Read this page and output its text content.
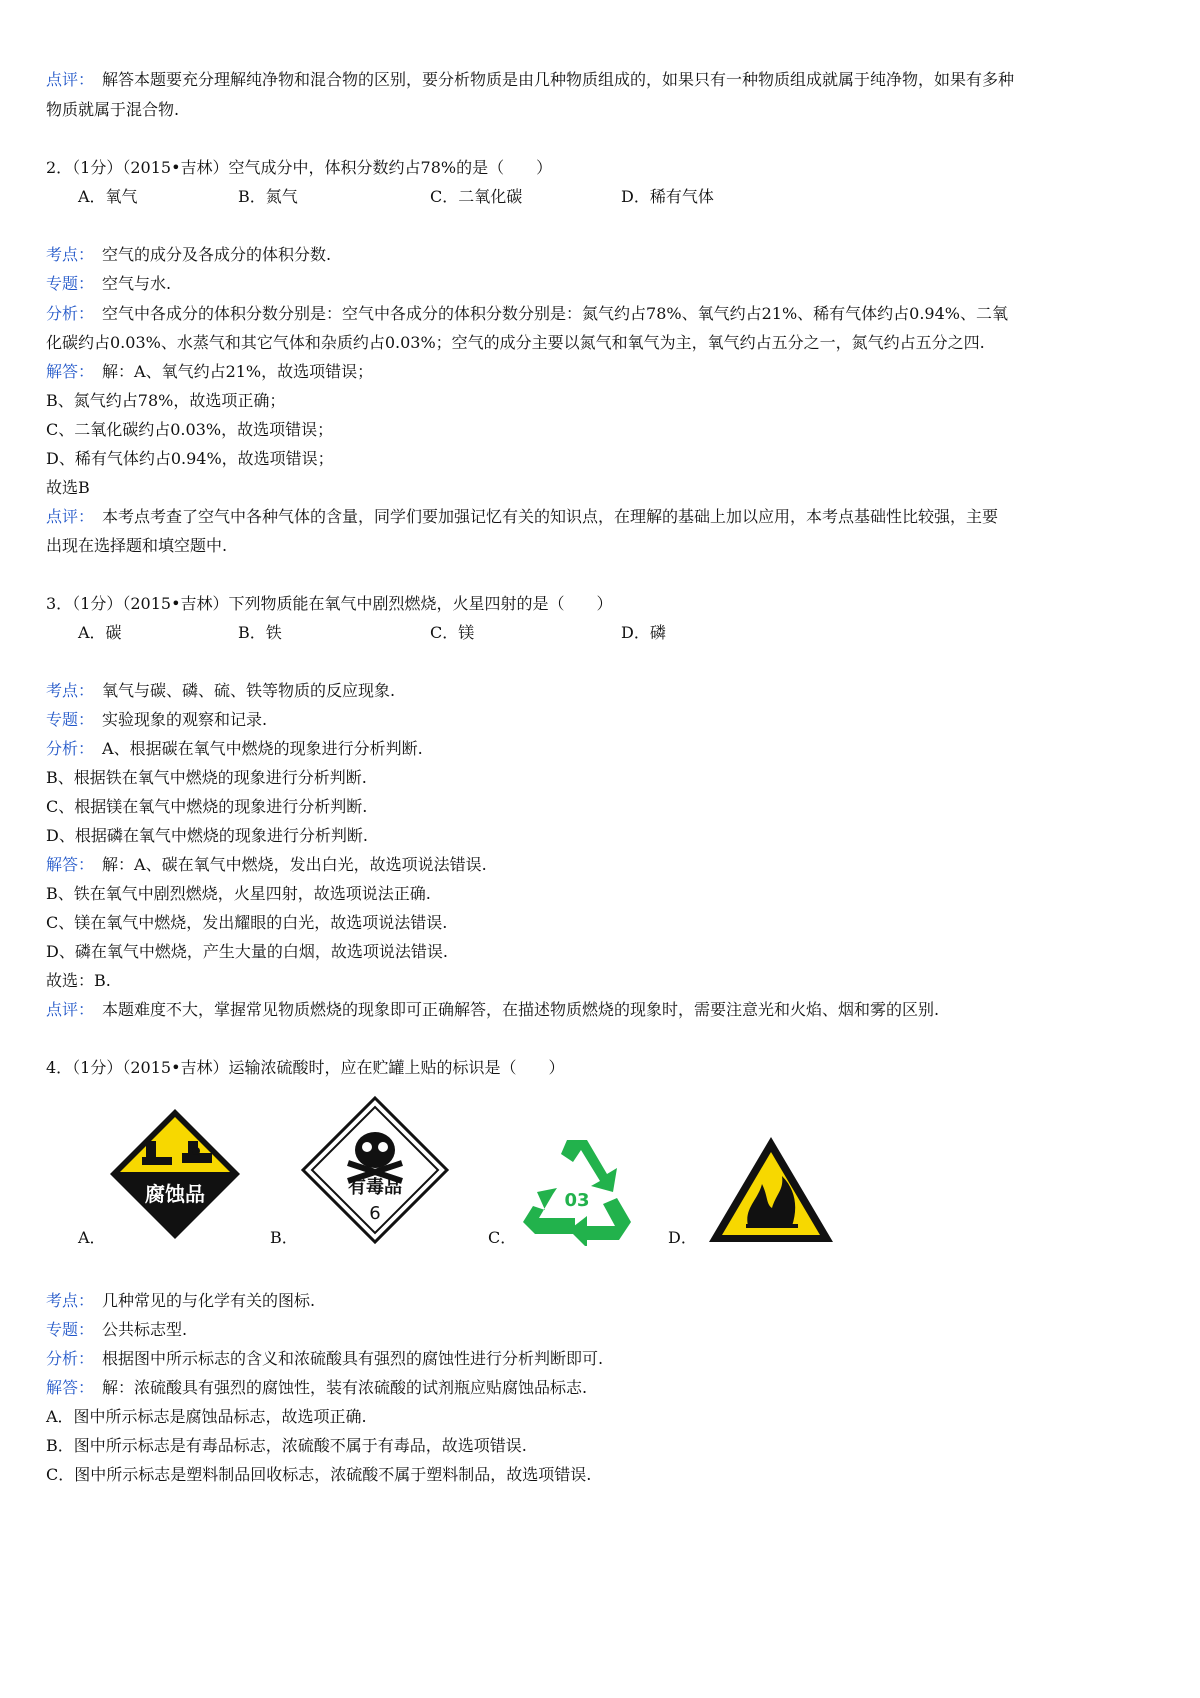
点评： 解答本题要充分理解纯净物和混合物的区别，要分析物质是由几种物质组成的，如果只有一种物质组成就属于纯净物，如果有多种
物质就属于混合物.
2．（1分）（2015•吉林）空气成分中，体积分数约占78%的是（　　）
A．氧气	B．氮气	C．二氧化碳	D．稀有气体
考点： 空气的成分及各成分的体积分数.
专题： 空气与水.
分析： 空气中各成分的体积分数分别是：空气中各成分的体积分数分别是：氮气约占78%、氧气约占21%、稀有气体约占0.94%、二氧
化碳约占0.03%、水蒸气和其它气体和杂质约占0.03%；空气的成分主要以氮气和氧气为主，氧气约占五分之一，氮气约占五分之四.
解答： 解：A、氧气约占21%，故选项错误；
B、氮气约占78%，故选项正确；
C、二氧化碳约占0.03%，故选项错误；
D、稀有气体约占0.94%，故选项错误；
故选B
点评： 本考点考查了空气中各种气体的含量，同学们要加强记忆有关的知识点，在理解的基础上加以应用，本考点基础性比较强，主要
出现在选择题和填空题中.
3．（1分）（2015•吉林）下列物质能在氧气中剧烈燃烧，火星四射的是（　　）
A．碳	B．铁	C．镁	D．磷
考点： 氧气与碳、磷、硫、铁等物质的反应现象.
专题： 实验现象的观察和记录.
分析： A、根据碳在氧气中燃烧的现象进行分析判断.
B、根据铁在氧气中燃烧的现象进行分析判断.
C、根据镁在氧气中燃烧的现象进行分析判断.
D、根据磷在氧气中燃烧的现象进行分析判断.
解答： 解：A、碳在氧气中燃烧，发出白光，故选项说法错误.
B、铁在氧气中剧烈燃烧，火星四射，故选项说法正确.
C、镁在氧气中燃烧，发出耀眼的白光，故选项说法错误.
D、磷在氧气中燃烧，产生大量的白烟，故选项说法错误.
故选：B.
点评： 本题难度不大，掌握常见物质燃烧的现象即可正确解答，在描述物质燃烧的现象时，需要注意光和火焰、烟和雾的区别.
4．（1分）（2015•吉林）运输浓硫酸时，应在贮罐上贴的标识是（　　）
腐蚀品
A．
有毒品
6
B．
03
C．	D．
考点： 几种常见的与化学有关的图标.
专题： 公共标志型.
分析： 根据图中所示标志的含义和浓硫酸具有强烈的腐蚀性进行分析判断即可.
解答： 解：浓硫酸具有强烈的腐蚀性，装有浓硫酸的试剂瓶应贴腐蚀品标志.
A．图中所示标志是腐蚀品标志，故选项正确.
B．图中所示标志是有毒品标志，浓硫酸不属于有毒品，故选项错误.
C．图中所示标志是塑料制品回收标志，浓硫酸不属于塑料制品，故选项错误.
